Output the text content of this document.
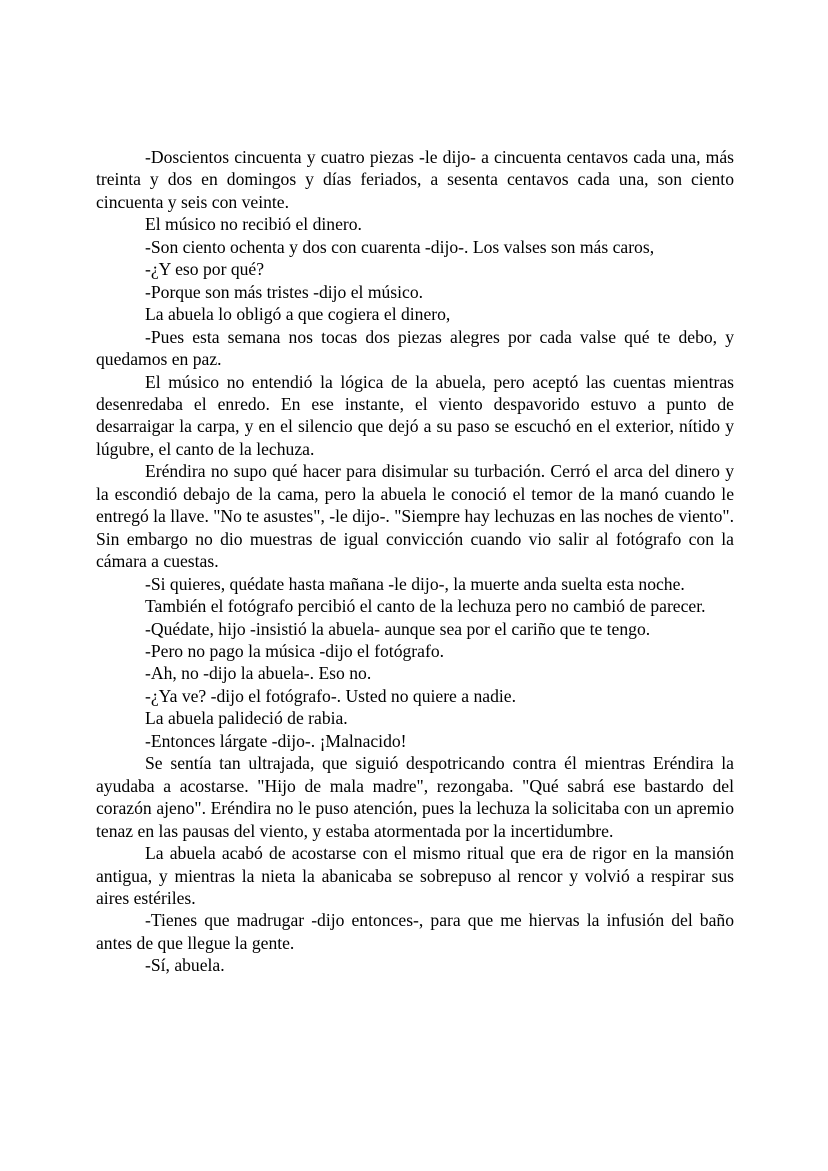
-Doscientos cincuenta y cuatro piezas -le dijo- a cincuenta centavos cada una, más treinta y dos en domingos y días feriados, a sesenta centavos cada una, son ciento cincuenta y seis con veinte.

El músico no recibió el dinero.

-Son ciento ochenta y dos con cuarenta -dijo-. Los valses son más caros,

-¿Y eso por qué?

-Porque son más tristes -dijo el músico.

La abuela lo obligó a que cogiera el dinero,

-Pues esta semana nos tocas dos piezas alegres por cada valse qué te debo, y quedamos en paz.

El músico no entendió la lógica de la abuela, pero aceptó las cuentas mientras desenredaba el enredo. En ese instante, el viento despavorido estuvo a punto de desarraigar la carpa, y en el silencio que dejó a su paso se escuchó en el exterior, nítido y lúgubre, el canto de la lechuza.

Eréndira no supo qué hacer para disimular su turbación. Cerró el arca del dinero y la escondió debajo de la cama, pero la abuela le conoció el temor de la manó cuando le entregó la llave. "No te asustes", -le dijo-. "Siempre hay lechuzas en las noches de viento". Sin embargo no dio muestras de igual convicción cuando vio salir al fotógrafo con la cámara a cuestas.

-Si quieres, quédate hasta mañana -le dijo-, la muerte anda suelta esta noche.

También el fotógrafo percibió el canto de la lechuza pero no cambió de parecer.

-Quédate, hijo -insistió la abuela- aunque sea por el cariño que te tengo.

-Pero no pago la música -dijo el fotógrafo.

-Ah, no -dijo la abuela-. Eso no.

-¿Ya ve? -dijo el fotógrafo-. Usted no quiere a nadie.

La abuela palideció de rabia.

-Entonces lárgate -dijo-. ¡Malnacido!

Se sentía tan ultrajada, que siguió despotricando contra él mientras Eréndira la ayudaba a acostarse. "Hijo de mala madre", rezongaba. "Qué sabrá ese bastardo del corazón ajeno". Eréndira no le puso atención, pues la lechuza la solicitaba con un apremio tenaz en las pausas del viento, y estaba atormentada por la incertidumbre.

La abuela acabó de acostarse con el mismo ritual que era de rigor en la mansión antigua, y mientras la nieta la abanicaba se sobrepuso al rencor y volvió a respirar sus aires estériles.

-Tienes que madrugar -dijo entonces-, para que me hiervas la infusión del baño antes de que llegue la gente.

-Sí, abuela.
